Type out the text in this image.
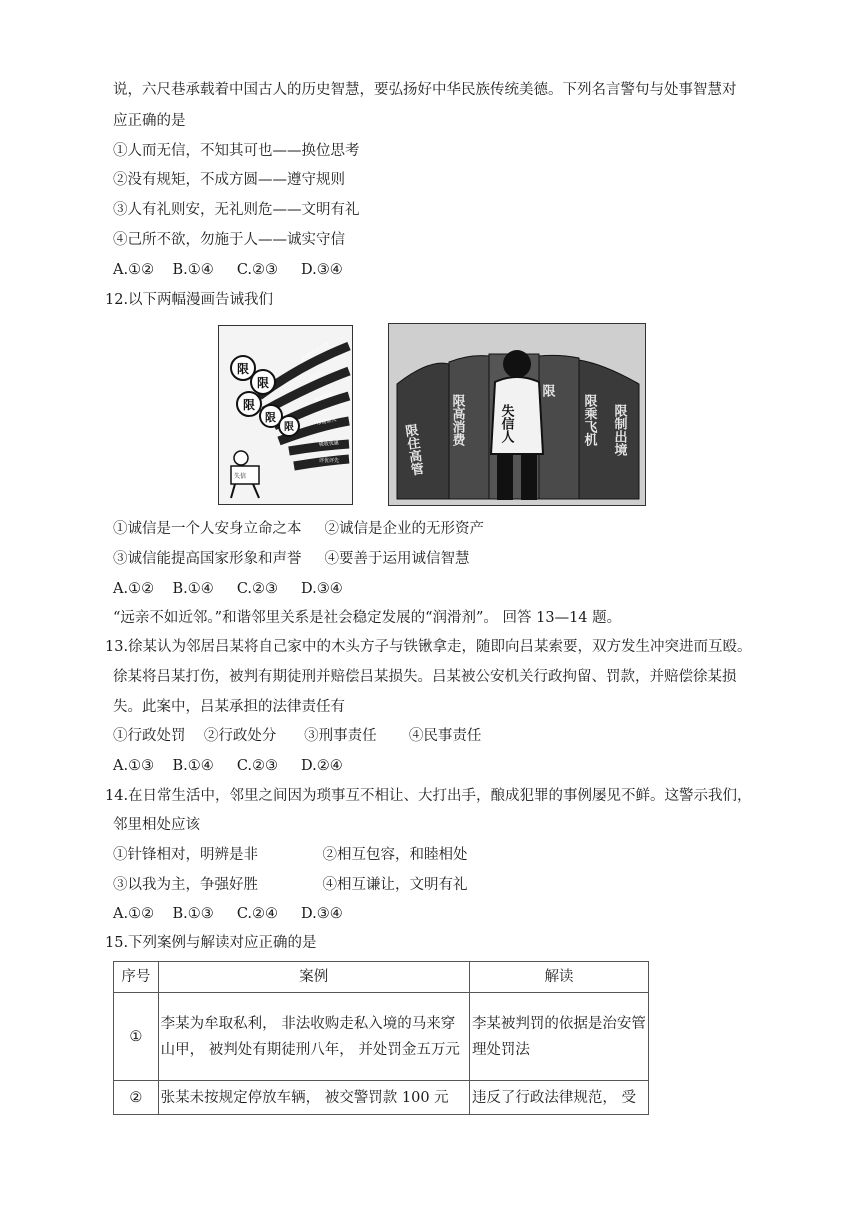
说，六尺巷承载着中国古人的历史智慧，要弘扬好中华民族传统美德。下列名言警句与处事智慧对
应正确的是
①人而无信，不知其可也——换位思考
②没有规矩，不成方圆——遵守规则
③人有礼则安，无礼则危——文明有礼
④己所不欲，勿施于人——诚实守信
A.①②    B.①④     C.②③     D.③④
12.以下两幅漫画告诫我们
限
限
限
限
限
政府资金支持
招投标
融资贷款
市场准入
税收优惠
评优评先
失信	限住高管
限高消费
限
限乘飞机 限制出境
失信人
①诚信是一个人安身立命之本     ②诚信是企业的无形资产
③诚信能提高国家形象和声誉     ④要善于运用诚信智慧
A.①②    B.①④     C.②③     D.③④
“远亲不如近邻。”和谐邻里关系是社会稳定发展的“润滑剂”。 回答 13—14 题。
13.徐某认为邻居吕某将自己家中的木头方子与铁锹拿走，随即向吕某索要，双方发生冲突进而互殴。
徐某将吕某打伤，被判有期徒刑并赔偿吕某损失。吕某被公安机关行政拘留、罚款，并赔偿徐某损
失。此案中，吕某承担的法律责任有
①行政处罚    ②行政处分      ③刑事责任       ④民事责任
A.①③    B.①④     C.②③     D.②④
14.在日常生活中，邻里之间因为琐事互不相让、大打出手，酿成犯罪的事例屡见不鲜。这警示我们，
邻里相处应该
①针锋相对，明辨是非              ②相互包容，和睦相处
③以我为主，争强好胜              ④相互谦让，文明有礼
A.①②    B.①③     C.②④     D.③④
15.下列案例与解读对应正确的是
序号	案例	解读
①	李某为牟取私利， 非法收购走私入境的马来穿山甲， 被判处有期徒刑八年， 并处罚金五万元	李某被判罚的依据是治安管理处罚法
②	张某未按规定停放车辆， 被交警罚款 100 元	违反了行政法律规范， 受
